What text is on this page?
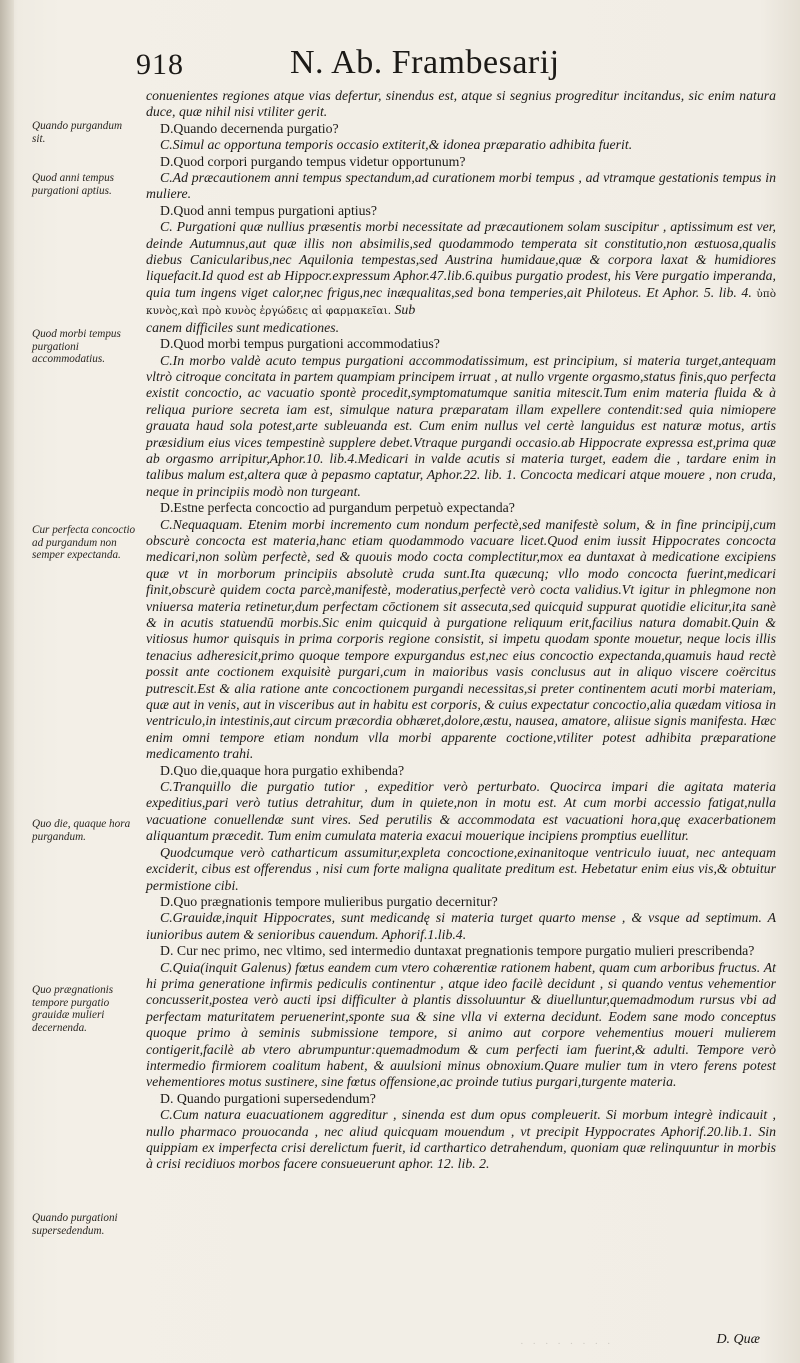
918	N. Ab. Frambesarij
Quando purgandum sit.
Quod anni tempus purgationi aptius.
Quod morbi tempus purgationi accommodatius.
Cur perfecta concoctio ad purgandum non semper expectanda.
Quo die, quaque hora purgandum.
Quo prægnationis tempore purgatio grauidæ mulieri decernenda.
Quando purgationi supersedendum.

conuenientes regiones atque vias defertur, sinendus est, atque si segnius progreditur incitandus, sic enim natura duce, quæ nihil nisi vtiliter gerit.

D.Quando decernenda purgatio?

C.Simul ac opportuna temporis occasio extiterit,& idonea præparatio adhibita fuerit.

D.Quod corpori purgando tempus videtur opportunum?

C.Ad præcautionem anni tempus spectandum,ad curationem morbi tempus , ad vtramque gestationis tempus in muliere.

D.Quod anni tempus purgationi aptius?

C. Purgationi quæ nullius præsentis morbi necessitate ad præcautionem solam suscipitur , aptissimum est ver, deinde Autumnus,aut quæ illis non absimilis,sed quodammodo temperata sit constitutio,non æstuosa,qualis diebus Canicularibus,nec Aquilonia tempestas,sed Austrina humidaue,quæ & corpora laxat & humidiores liquefacit.Id quod est ab Hippocr.expressum Aphor.47.lib.6.quibus purgatio prodest, his Vere purgatio imperanda, quia tum ingens viget calor,nec frigus,nec inæqualitas,sed bona temperies,ait Philoteus. Et Aphor. 5. lib. 4. ὑπὸ κυνὸς,καὶ πρὸ κυνὸς ἐργώδεις αἱ φαρμακεῖαι. Sub

canem difficiles sunt medicationes.

D.Quod morbi tempus purgationi accommodatius?

C.In morbo valdè acuto tempus purgationi accommodatissimum, est principium, si materia turget,antequam vltrò citroque concitata in partem quampiam principem irruat , at nullo vrgente orgasmo,status finis,quo perfecta existit concoctio, ac vacuatio spontè procedit,symptomatumque sanitia mitescit.Tum enim materia fluida & à reliqua puriore secreta iam est, simulque natura præparatam illam expellere contendit:sed quia nimiopere grauata haud sola potest,arte subleuanda est. Cum enim nullus vel certè languidus est naturæ motus, artis præsidium eius vices tempestinè supplere debet.Vtraque purgandi occasio.ab Hippocrate expressa est,prima quæ ab orgasmo arripitur,Aphor.10. lib.4.Medicari in valde acutis si materia turget, eadem die , tardare enim in talibus malum est,altera quæ à pepasmo captatur, Aphor.22. lib. 1. Concocta medicari atque mouere , non cruda, neque in principiis modò non turgeant.

D.Estne perfecta concoctio ad purgandum perpetuò expectanda?

C.Nequaquam. Etenim morbi incremento cum nondum perfectè,sed manifestè solum, & in fine principij,cum obscurè concocta est materia,hanc etiam quodammodo vacuare licet.Quod enim iussit Hippocrates concocta medicari,non solùm perfectè, sed & quouis modo cocta complectitur,mox ea duntaxat à medicatione excipiens quæ vt in morborum principiis absolutè cruda sunt.Ita quæcunq; vllo modo concocta fuerint,medicari finit,obscurè quidem cocta parcè,manifestè, moderatius,perfectè verò cocta validius.Vt igitur in phlegmone non vniuersa materia retinetur,dum perfectam cōctionem sit assecuta,sed quicquid suppurat quotidie elicitur,ita sanè & in acutis statuendū morbis.Sic enim quicquid à purgatione reliquum erit,facilius natura domabit.Quin & vitiosus humor quisquis in prima corporis regione consistit, si impetu quodam sponte mouetur, neque locis illis tenacius adheresicit,primo quoque tempore expurgandus est,nec eius concoctio expectanda,quamuis haud rectè possit ante coctionem exquisitè purgari,cum in maioribus vasis conclusus aut in aliquo viscere coërcitus putrescit.Est & alia ratione ante concoctionem purgandi necessitas,si preter continentem acuti morbi materiam, quæ aut in venis, aut in visceribus aut in habitu est corporis, & cuius expectatur concoctio,alia quædam vitiosa in ventriculo,in intestinis,aut circum præcordia obhæret,dolore,æstu, nausea, amatore, aliisue signis manifesta. Hæc enim omni tempore etiam nondum vlla morbi apparente coctione,vtiliter potest adhibita præparatione medicamento trahi.

D.Quo die,quaque hora purgatio exhibenda?

C.Tranquillo die purgatio tutior , expeditior verò perturbato. Quocirca impari die agitata materia expeditius,pari verò tutius detrahitur, dum in quiete,non in motu est. At cum morbi accessio fatigat,nulla vacuatione conuellendæ sunt vires. Sed perutilis & accommodata est vacuationi hora,quę exacerbationem aliquantum præcedit. Tum enim cumulata materia exacui mouerique incipiens promptius euellitur.

Quodcumque verò catharticum assumitur,expleta concoctione,exinanitoque ventriculo iuuat, nec antequam exciderit, cibus est offerendus , nisi cum forte maligna qualitate preditum est. Hebetatur enim eius vis,& obtuitur permistione cibi.

D.Quo prægnationis tempore mulieribus purgatio decernitur?

C.Grauidæ,inquit Hippocrates, sunt medicandę si materia turget quarto mense , & vsque ad septimum. A iunioribus autem & senioribus cauendum. Aphorif.1.lib.4.

D. Cur nec primo, nec vltimo, sed intermedio duntaxat pregnationis tempore purgatio mulieri prescribenda?

C.Quia(inquit Galenus) fœtus eandem cum vtero cohærentiæ rationem habent, quam cum arboribus fructus. At hi prima generatione infirmis pediculis continentur , atque ideo facilè decidunt , si quando ventus vehementior concusserit,postea verò aucti ipsi difficulter à plantis dissoluuntur & diuelluntur,quemadmodum rursus vbi ad perfectam maturitatem peruenerint,sponte sua & sine vlla vi externa decidunt. Eodem sane modo conceptus quoque primo à seminis submissione tempore, si animo aut corpore vehementius moueri mulierem contigerit,facilè ab vtero abrumpuntur:quemadmodum & cum perfecti iam fuerint,& adulti. Tempore verò intermedio firmiorem coalitum habent, & auulsioni minus obnoxium.Quare mulier tum in vtero ferens potest vehementiores motus sustinere, sine fœtus offensione,ac proinde tutius purgari,turgente materia.

D. Quando purgationi supersedendum?

C.Cum natura euacuationem aggreditur , sinenda est dum opus compleuerit. Si morbum integrè indicauit , nullo pharmaco prouocanda , nec aliud quicquam mouendum , vt precipit Hyppocrates Aphorif.20.lib.1. Sin quippiam ex imperfecta crisi derelictum fuerit, id carthartico detrahendum, quoniam quæ relinquuntur in morbis à crisi recidiuos morbos facere consueuerunt aphor. 12. lib. 2.

D. Quæ
· · · · · · · ·
